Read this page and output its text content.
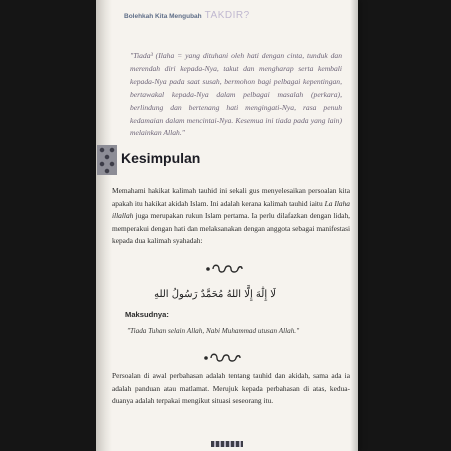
Bolehkah Kita Mengubah TAKDIR?
"Tiada³ (Ilaha = yang dituhani oleh hati dengan cinta, tunduk dan merendah diri kepada-Nya, takut dan mengharap serta kembali kepada-Nya pada saat susah, bermohon bagi pelbagai kepentingan, bertawakal kepada-Nya dalam pelbagai masalah (perkara), berlindung dan bertenang hati mengingati-Nya, rasa penuh kedamaian dalam mencintai-Nya. Kesemua ini tiada pada yang lain) melainkan Allah."
Kesimpulan
Memahami hakikat kalimah tauhid ini sekali gus menyelesaikan persoalan kita apakah itu hakikat akidah Islam. Ini adalah kerana kalimah tauhid iaitu La Ilaha illallah juga merupakan rukun Islam pertama. Ia perlu dilafazkan dengan lidah, memperakui dengan hati dan melaksanakan dengan anggota sebagai manifestasi kepada dua kalimah syahadah:
لَا إِلَٰهَ إِلَّا اللهُ مُحَمَّدٌ رَسُولُ اللهِ
Maksudnya:
"Tiada Tuhan selain Allah, Nabi Muhammad utusan Allah."
Persoalan di awal perbahasan adalah tentang tauhid dan akidah, sama ada ia adalah panduan atau matlamat. Merujuk kepada perbahasan di atas, kedua-duanya adalah terpakai mengikut situasi seseorang itu.
